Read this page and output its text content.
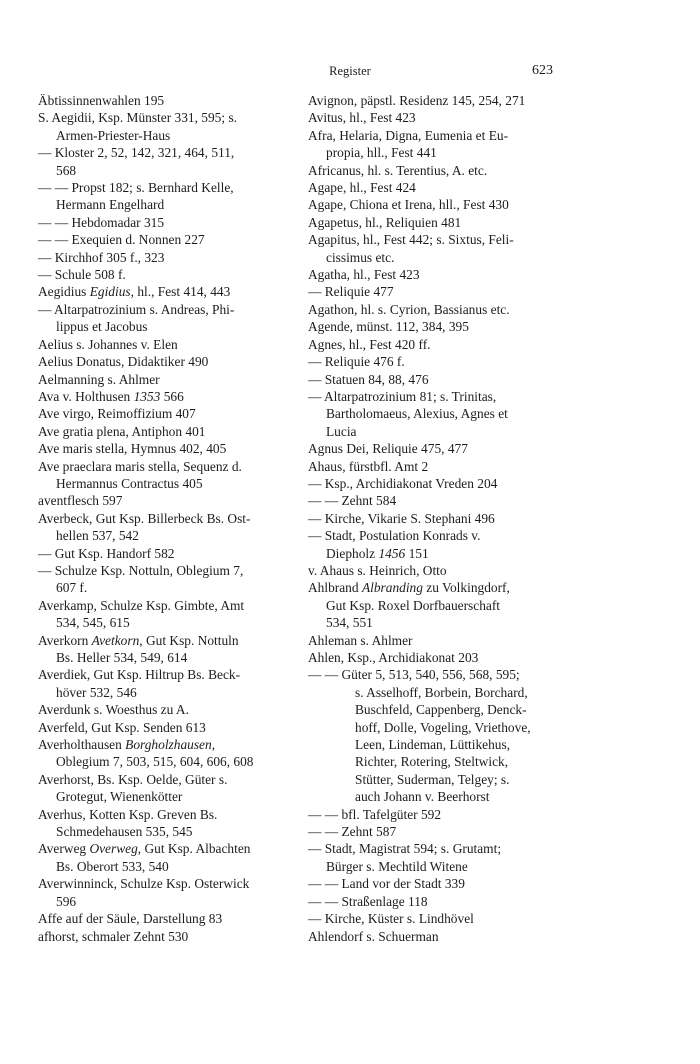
Register	623
Äbtissinnenwahlen 195
S. Aegidii, Ksp. Münster 331, 595; s.
Armen-Priester-Haus
— Kloster 2, 52, 142, 321, 464, 511,
568
— — Propst 182; s. Bernhard Kelle,
Hermann Engelhard
— — Hebdomadar 315
— — Exequien d. Nonnen 227
— Kirchhof 305 f., 323
— Schule 508 f.
Aegidius Egidius, hl., Fest 414, 443
— Altarpatrozinium s. Andreas, Phi-
lippus et Jacobus
Aelius s. Johannes v. Elen
Aelius Donatus, Didaktiker 490
Aelmanning s. Ahlmer
Ava v. Holthusen 1353 566
Ave virgo, Reimoffizium 407
Ave gratia plena, Antiphon 401
Ave maris stella, Hymnus 402, 405
Ave praeclara maris stella, Sequenz d.
Hermannus Contractus 405
aventflesch 597
Averbeck, Gut Ksp. Billerbeck Bs. Ost-
hellen 537, 542
— Gut Ksp. Handorf 582
— Schulze Ksp. Nottuln, Oblegium 7,
607 f.
Averkamp, Schulze Ksp. Gimbte, Amt
534, 545, 615
Averkorn Avetkorn, Gut Ksp. Nottuln
Bs. Heller 534, 549, 614
Averdiek, Gut Ksp. Hiltrup Bs. Beck-
höver 532, 546
Averdunk s. Woesthus zu A.
Averfeld, Gut Ksp. Senden 613
Averholthausen Borgholzhausen,
Oblegium 7, 503, 515, 604, 606, 608
Averhorst, Bs. Ksp. Oelde, Güter s.
Grotegut, Wienenkötter
Averhus, Kotten Ksp. Greven Bs.
Schmedehausen 535, 545
Averweg Overweg, Gut Ksp. Albachten
Bs. Oberort 533, 540
Averwinninck, Schulze Ksp. Osterwick
596
Affe auf der Säule, Darstellung 83
afhorst, schmaler Zehnt 530
Avignon, päpstl. Residenz 145, 254, 271
Avitus, hl., Fest 423
Afra, Helaria, Digna, Eumenia et Eu-
propia, hll., Fest 441
Africanus, hl. s. Terentius, A. etc.
Agape, hl., Fest 424
Agape, Chiona et Irena, hll., Fest 430
Agapetus, hl., Reliquien 481
Agapitus, hl., Fest 442; s. Sixtus, Feli-
cissimus etc.
Agatha, hl., Fest 423
— Reliquie 477
Agathon, hl. s. Cyrion, Bassianus etc.
Agende, münst. 112, 384, 395
Agnes, hl., Fest 420 ff.
— Reliquie 476 f.
— Statuen 84, 88, 476
— Altarpatrozinium 81; s. Trinitas,
Bartholomaeus, Alexius, Agnes et
Lucia
Agnus Dei, Reliquie 475, 477
Ahaus, fürstbfl. Amt 2
— Ksp., Archidiakonat Vreden 204
— — Zehnt 584
— Kirche, Vikarie S. Stephani 496
— Stadt, Postulation Konrads v.
Diepholz 1456 151
v. Ahaus s. Heinrich, Otto
Ahlbrand Albranding zu Volkingdorf,
Gut Ksp. Roxel Dorfbauerschaft
534, 551
Ahleman s. Ahlmer
Ahlen, Ksp., Archidiakonat 203
— — Güter 5, 513, 540, 556, 568, 595;
s. Asselhoff, Borbein, Borchard,
Buschfeld, Cappenberg, Denck-
hoff, Dolle, Vogeling, Vriethove,
Leen, Lindeman, Lüttikehus,
Richter, Rotering, Steltwick,
Stütter, Suderman, Telgey; s.
auch Johann v. Beerhorst
— — bfl. Tafelgüter 592
— — Zehnt 587
— Stadt, Magistrat 594; s. Grutamt;
Bürger s. Mechtild Witene
— — Land vor der Stadt 339
— — Straßenlage 118
— Kirche, Küster s. Lindhövel
Ahlendorf s. Schuerman
